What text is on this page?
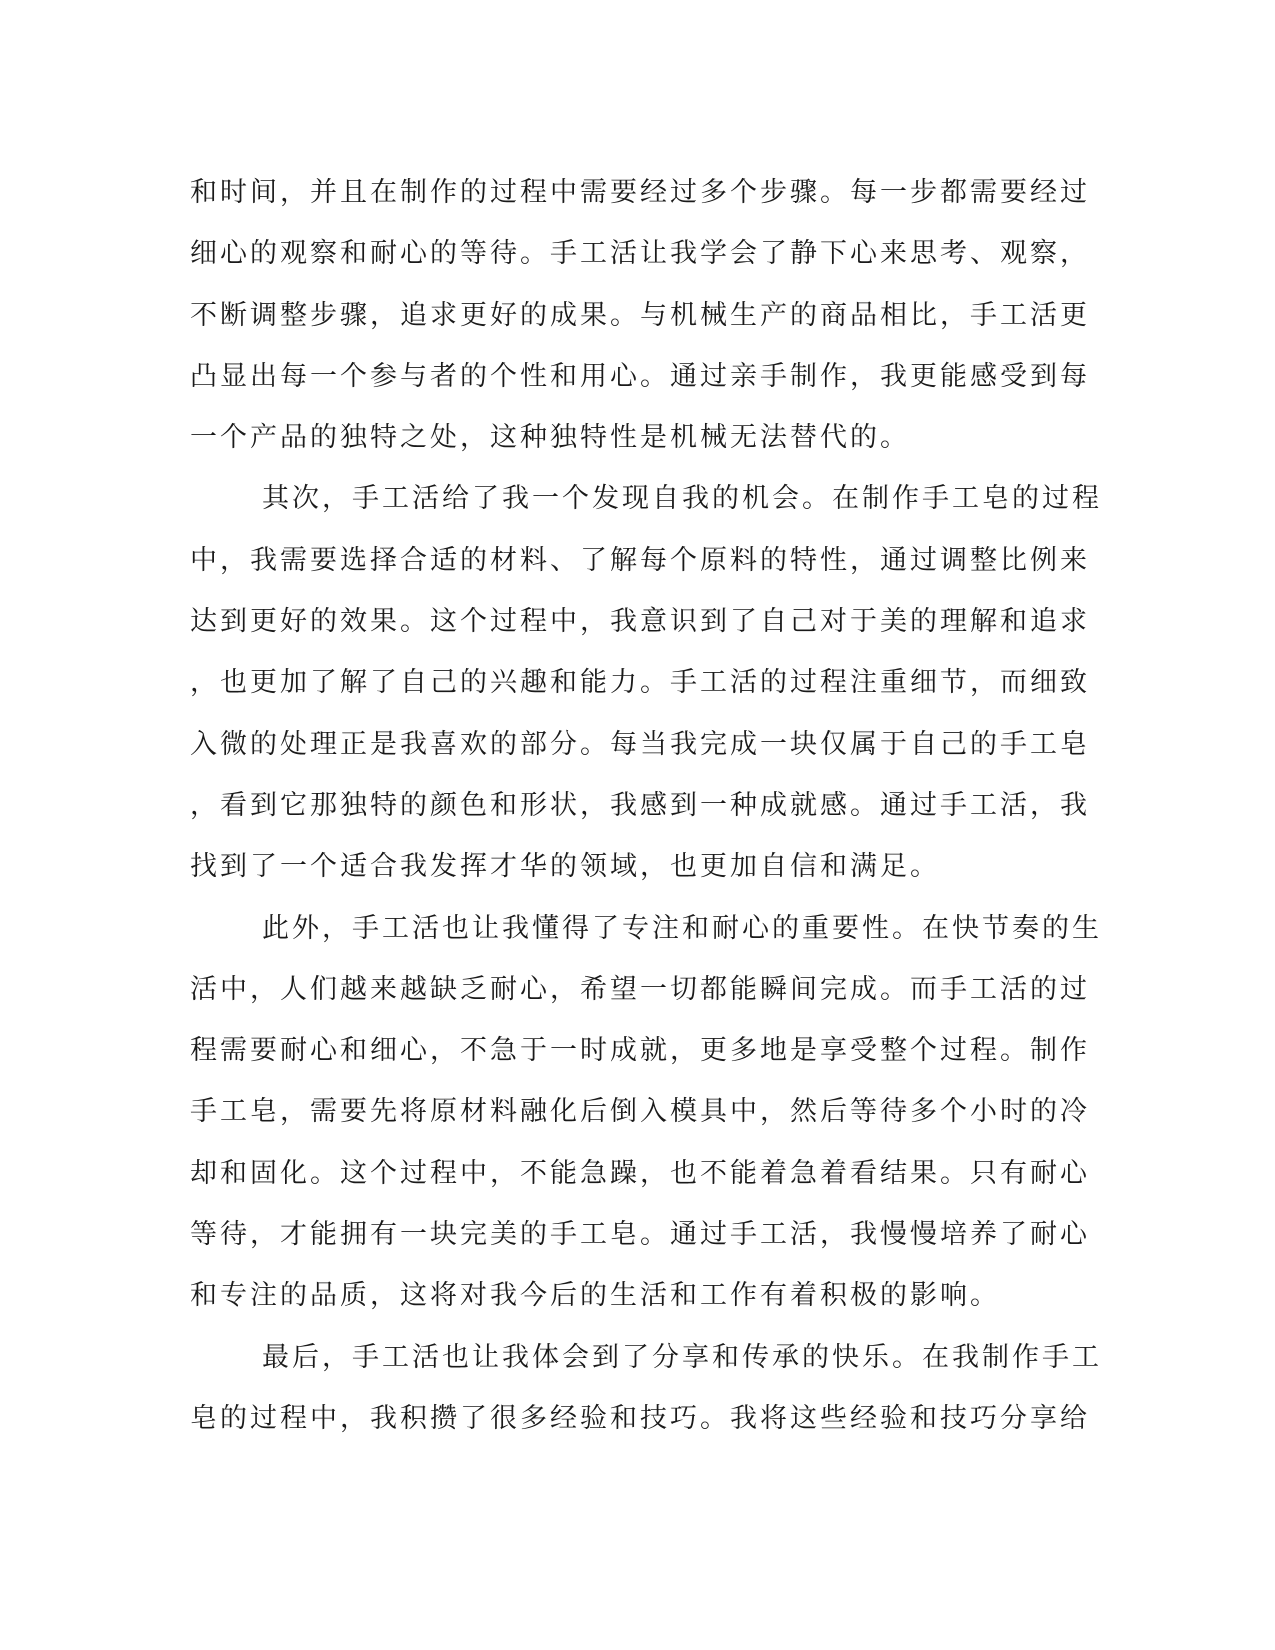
和时间，并且在制作的过程中需要经过多个步骤。每一步都需要经过
细心的观察和耐心的等待。手工活让我学会了静下心来思考、观察，
不断调整步骤，追求更好的成果。与机械生产的商品相比，手工活更
凸显出每一个参与者的个性和用心。通过亲手制作，我更能感受到每
一个产品的独特之处，这种独特性是机械无法替代的。
其次，手工活给了我一个发现自我的机会。在制作手工皂的过程
中，我需要选择合适的材料、了解每个原料的特性，通过调整比例来
达到更好的效果。这个过程中，我意识到了自己对于美的理解和追求
，也更加了解了自己的兴趣和能力。手工活的过程注重细节，而细致
入微的处理正是我喜欢的部分。每当我完成一块仅属于自己的手工皂
，看到它那独特的颜色和形状，我感到一种成就感。通过手工活，我
找到了一个适合我发挥才华的领域，也更加自信和满足。
此外，手工活也让我懂得了专注和耐心的重要性。在快节奏的生
活中，人们越来越缺乏耐心，希望一切都能瞬间完成。而手工活的过
程需要耐心和细心，不急于一时成就，更多地是享受整个过程。制作
手工皂，需要先将原材料融化后倒入模具中，然后等待多个小时的冷
却和固化。这个过程中，不能急躁，也不能着急着看结果。只有耐心
等待，才能拥有一块完美的手工皂。通过手工活，我慢慢培养了耐心
和专注的品质，这将对我今后的生活和工作有着积极的影响。
最后，手工活也让我体会到了分享和传承的快乐。在我制作手工
皂的过程中，我积攒了很多经验和技巧。我将这些经验和技巧分享给
